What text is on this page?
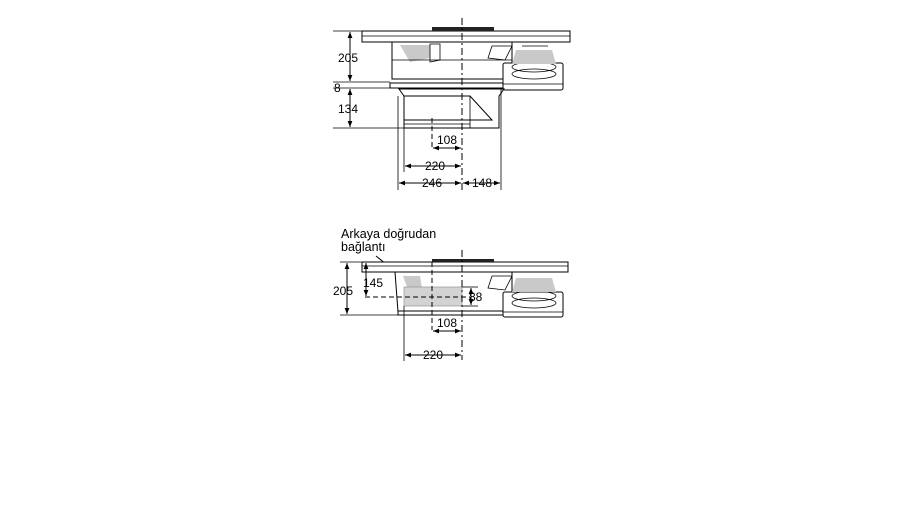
205
8
134
108
220
246 148
Arkaya doğrudan
bağlantı
205
145
88
108
220
